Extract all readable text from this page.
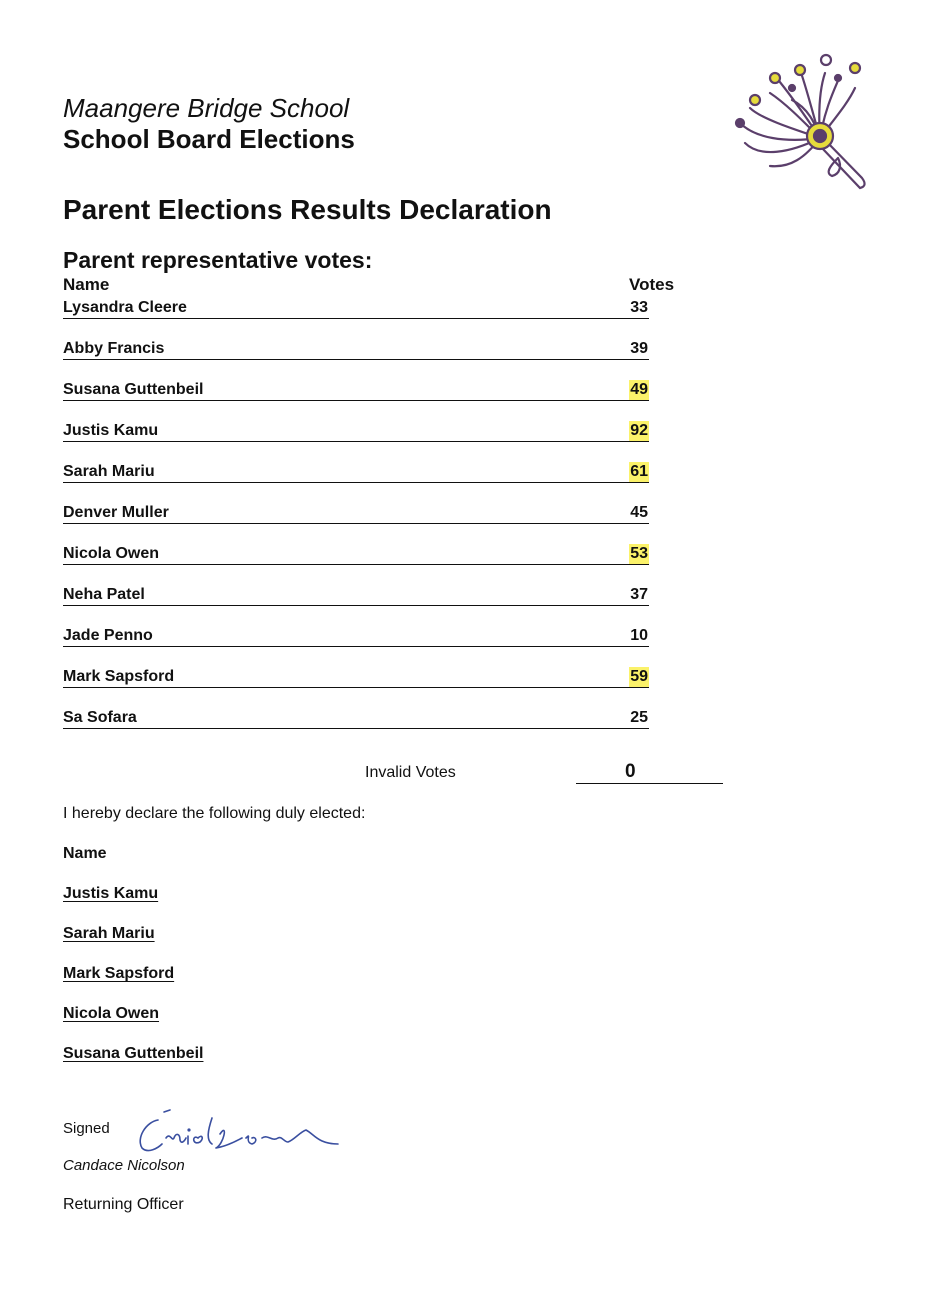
Maangere Bridge School
School Board Elections
Parent Elections Results Declaration
Parent representative votes:
Name	Votes
Lysandra Cleere	33
Abby Francis	39
Susana Guttenbeil	49
Justis Kamu	92
Sarah Mariu	61
Denver Muller	45
Nicola Owen	53
Neha Patel	37
Jade Penno	10
Mark Sapsford	59
Sa Sofara	25
Invalid Votes	0
I hereby declare the following duly elected:
Name
Justis Kamu
Sarah Mariu
Mark Sapsford
Nicola Owen
Susana Guttenbeil
Signed
Candace Nicolson
Returning Officer
